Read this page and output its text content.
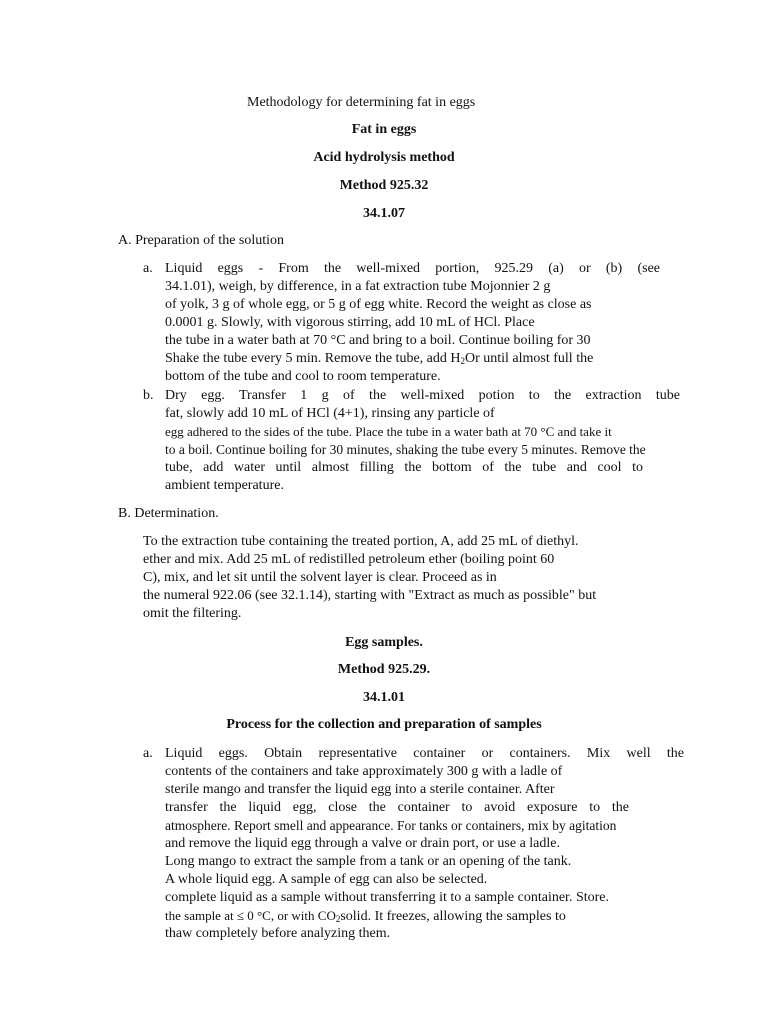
Methodology for determining fat in eggs
Fat in eggs
Acid hydrolysis method
Method 925.32
34.1.07
A. Preparation of the solution
a. Liquid eggs - From the well-mixed portion, 925.29 (a) or (b) (see
34.1.01), weigh, by difference, in a fat extraction tube Mojonnier 2 g
of yolk, 3 g of whole egg, or 5 g of egg white. Record the weight as close as
0.0001 g. Slowly, with vigorous stirring, add 10 mL of HCl. Place
the tube in a water bath at 70 °C and bring to a boil. Continue boiling for 30
Shake the tube every 5 min. Remove the tube, add $H_2Or$ until almost full the
bottom of the tube and cool to room temperature.
b. Dry egg. Transfer 1 g of the well-mixed potion to the extraction tube
fat, slowly add 10 mL of HCl (4+1), rinsing any particle of
egg adhered to the sides of the tube. Place the tube in a water bath at 70 °C and take it
to a boil. Continue boiling for 30 minutes, shaking the tube every 5 minutes. Remove the
tube, add water until almost filling the bottom of the tube and cool to
ambient temperature.
B. Determination.
To the extraction tube containing the treated portion, A, add 25 mL of diethyl.
ether and mix. Add 25 mL of redistilled petroleum ether (boiling point 60
C), mix, and let sit until the solvent layer is clear. Proceed as in
the numeral 922.06 (see 32.1.14), starting with "Extract as much as possible" but
omit the filtering.
Egg samples.
Method 925.29.
34.1.01
Process for the collection and preparation of samples
a. Liquid eggs. Obtain representative container or containers. Mix well the
contents of the containers and take approximately 300 g with a ladle of
sterile mango and transfer the liquid egg into a sterile container. After
transfer the liquid egg, close the container to avoid exposure to the
atmosphere. Report smell and appearance. For tanks or containers, mix by agitation
and remove the liquid egg through a valve or drain port, or use a ladle.
Long mango to extract the sample from a tank or an opening of the tank.
A whole liquid egg. A sample of egg can also be selected.
complete liquid as a sample without transferring it to a sample container. Store.
the sample at ≤ 0 °C, or with $CO_2solid$. It freezes, allowing the samples to
thaw completely before analyzing them.
